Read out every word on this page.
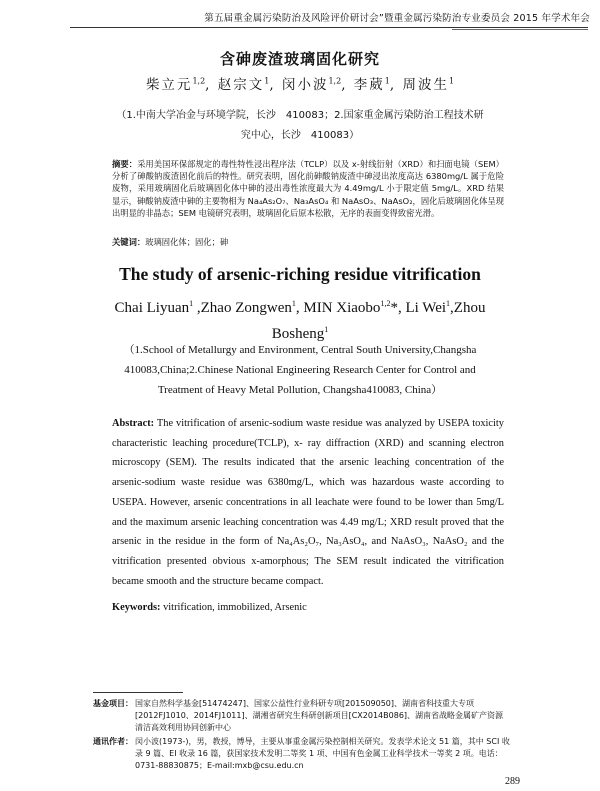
第五届重金属污染防治及风险评价研讨会”暨重金属污染防治专业委员会 2015 年学术年会
含砷废渣玻璃固化研究
柴立元$^{1,2}$, 赵宗文$^1$, 闵小波$^{1,2}$, 李葳$^1$, 周波生$^1$
（1.中南大学冶金与环境学院，长沙　410083；2.国家重金属污染防治工程技术研
究中心，长沙　410083）
摘要：采用美国环保部规定的毒性特性浸出程序法（TCLP）以及 x-射线衍射（XRD）和扫面电镜（SEM）分析了砷酸钠废渣固化前后的特性。研究表明，固化前砷酸钠废渣中砷浸出浓度高达 6380mg/L 属于危险废物，采用玻璃固化后玻璃固化体中砷的浸出毒性浓度最大为 4.49mg/L 小于限定值 5mg/L。XRD 结果显示，砷酸钠废渣中砷的主要物相为 Na₄As₂O₇、Na₃AsO₄ 和 NaAsO₃、NaAsO₂，固化后玻璃固化体呈现出明显的非晶态；SEM 电镜研究表明，玻璃固化后原本松散，无序的表面变得致密光滑。
关键词：玻璃固化体；固化；砷
The study of arsenic-riching residue vitrification
Chai Liyuan$^1$ ,Zhao Zongwen$^1$, MIN Xiaobo$^{1,2}$*, Li Wei$^1$,Zhou
Bosheng$^1$
（1.School of Metallurgy and Environment, Central South University,Changsha
410083,China;2.Chinese National Engineering Research Center for Control and
Treatment of Heavy Metal Pollution, Changsha410083, China）
Abstract: The vitrification of arsenic-sodium waste residue was analyzed by USEPA toxicity characteristic leaching procedure(TCLP), x- ray diffraction (XRD) and scanning electron microscopy (SEM). The results indicated that the arsenic leaching concentration of the arsenic-sodium waste residue was 6380mg/L, which was hazardous waste according to USEPA. However, arsenic concentrations in all leachate were found to be lower than 5mg/L and the maximum arsenic leaching concentration was 4.49 mg/L; XRD result proved that the arsenic in the residue in the form of Na₄As₂O₇, Na₃AsO₄, and NaAsO₃, NaAsO₂ and the vitrification presented obvious x-amorphous; The SEM result indicated the vitrification became smooth and the structure became compact.
Keywords: vitrification, immobilized, Arsenic
基金项目： 国家自然科学基金[51474247]、国家公益性行业科研专项[201509050]、湖南省科技重大专项[2012FJ1010、2014FJ1011]、湖湘省研究生科研创新项目[CX2014B086]、湖南省战略金属矿产资源清洁高效利用协同创新中心
通讯作者： 闵小波(1973-)，男，教授，博导，主要从事重金属污染控制相关研究。发表学术论文 51 篇，其中 SCI 收录 9 篇、EI 收录 16 篇，获国家技术发明二等奖 1 项、中国有色金属工业科学技术一等奖 2 项。电话：0731-88830875；E-mail:mxb@csu.edu.cn
289
